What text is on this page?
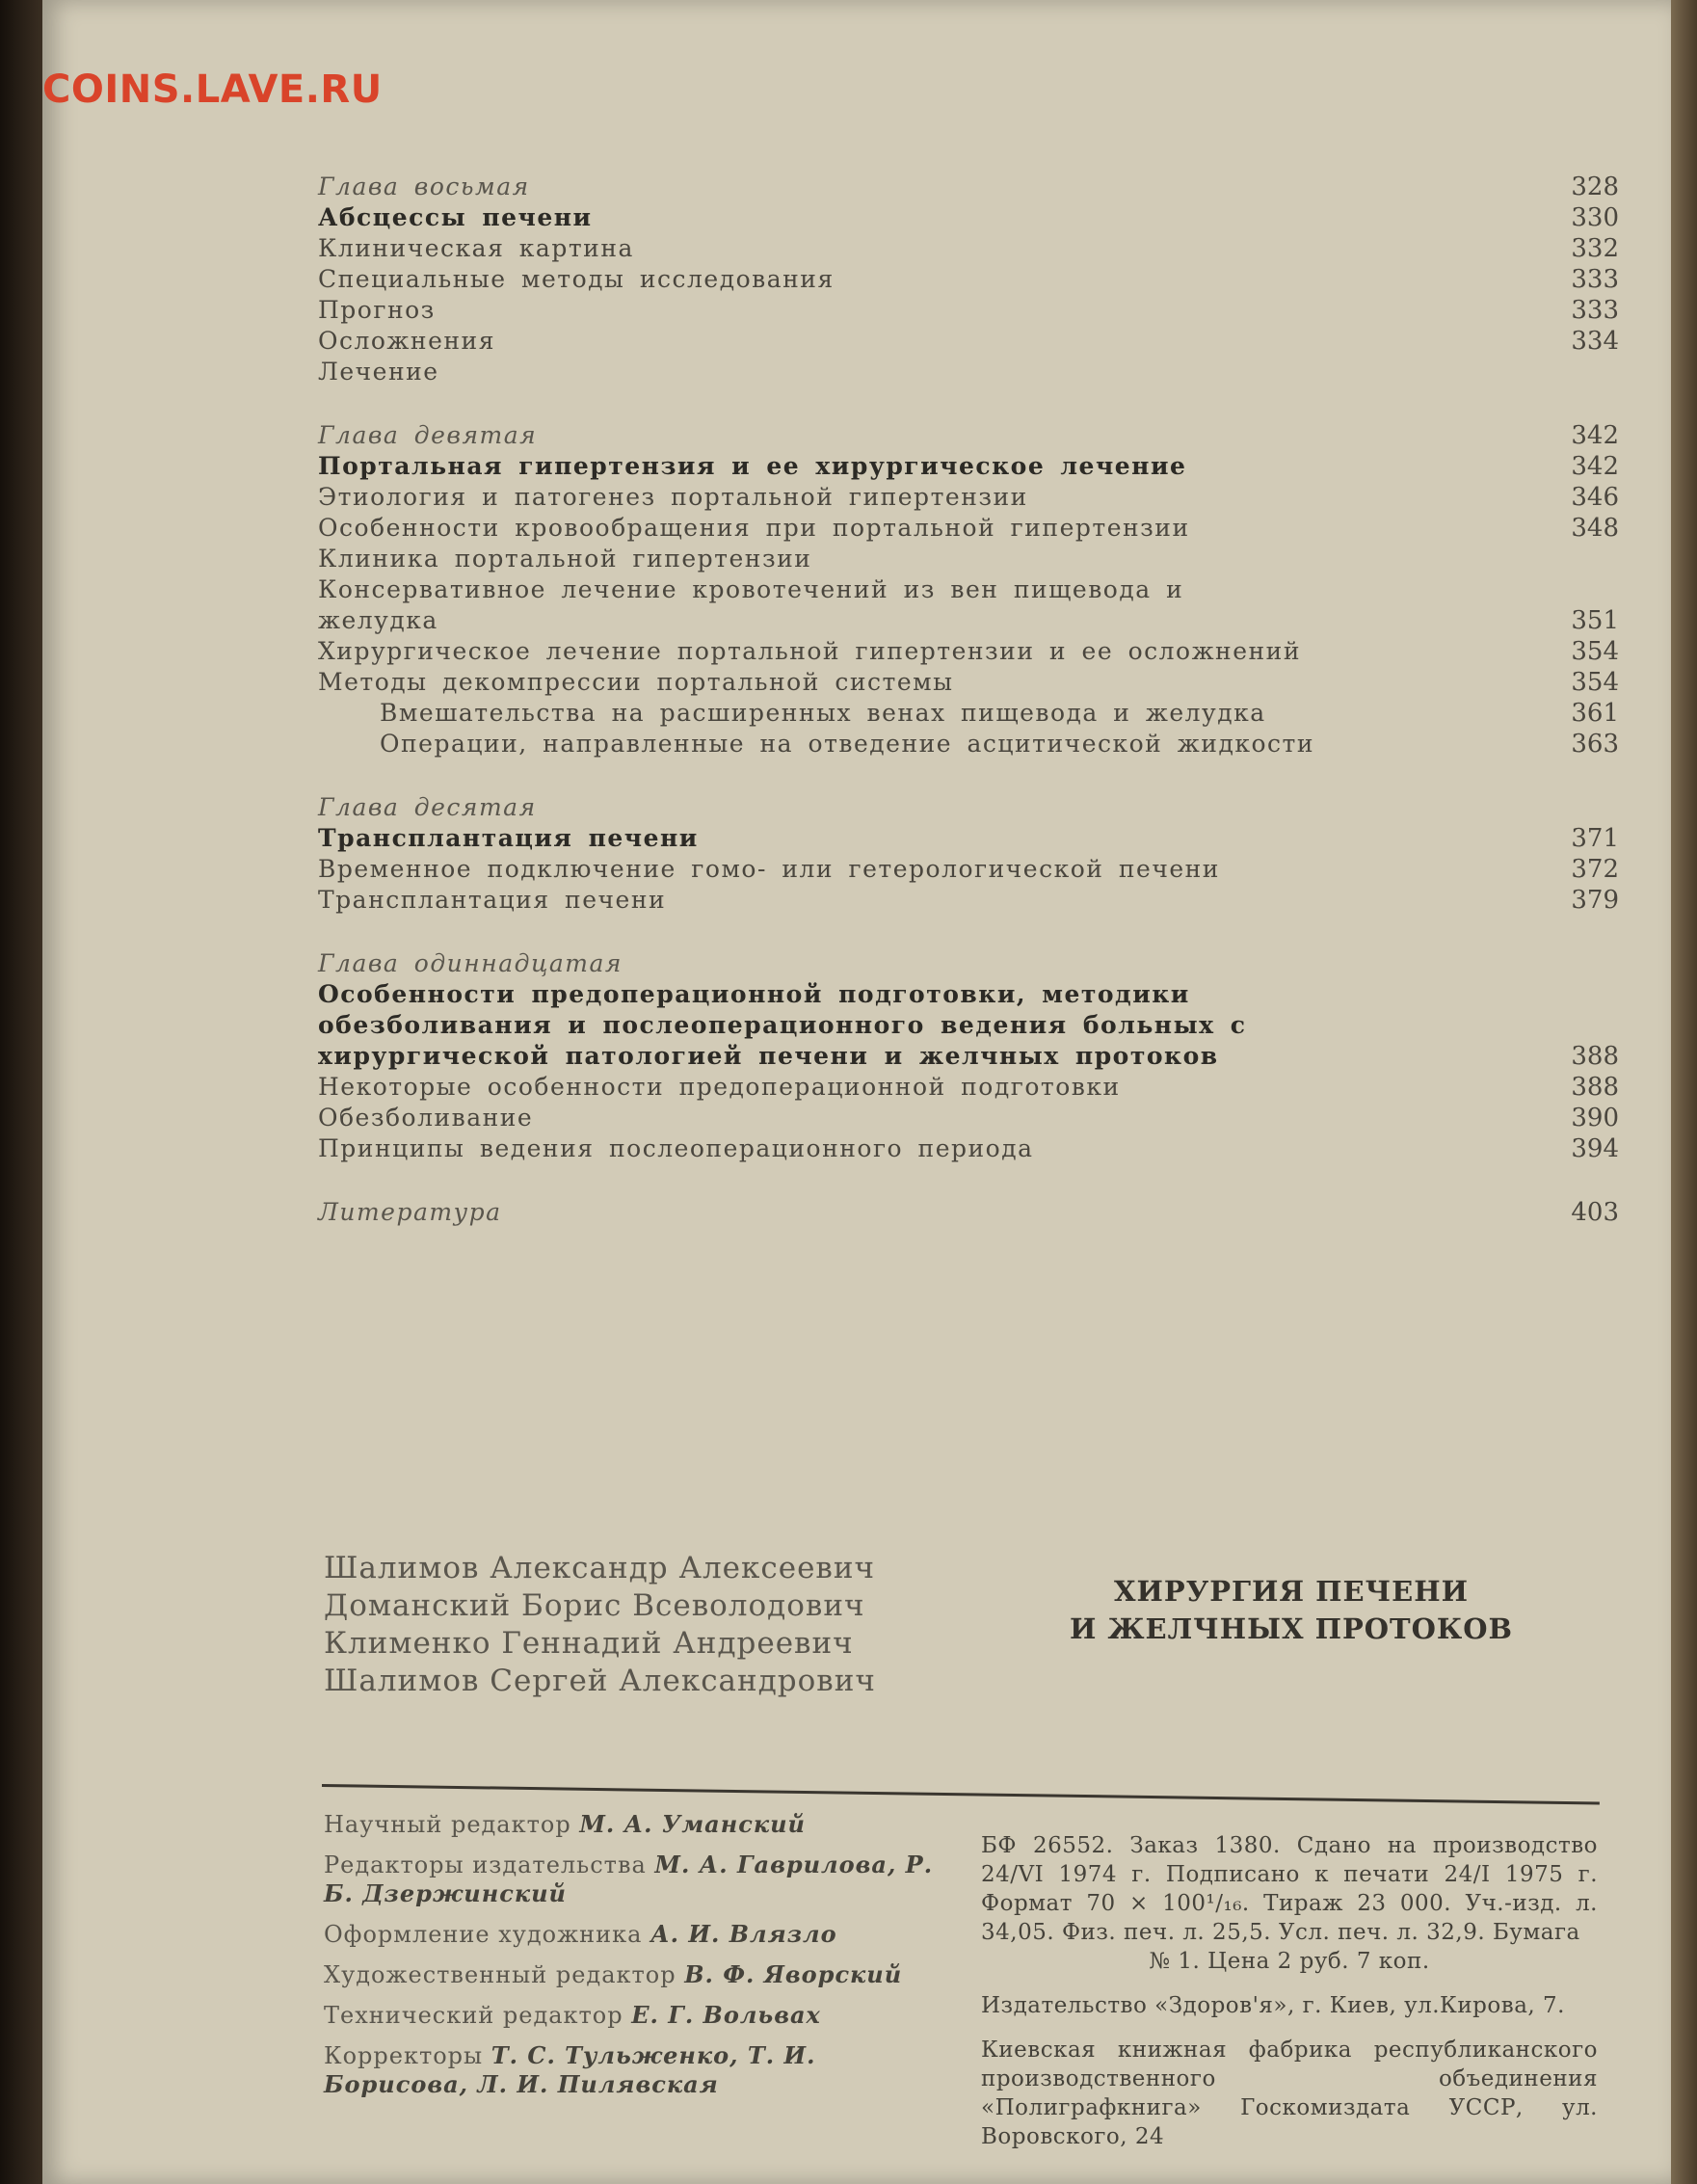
COINS.LAVE.RU
Глава восьмая	328
Абсцессы печени	330
Клиническая картина	332
Специальные методы исследования	333
Прогноз	333
Осложнения	334
Лечение
Глава девятая	342
Портальная гипертензия и ее хирургическое лечение	342
Этиология и патогенез портальной гипертензии	346
Особенности кровообращения при портальной гипертензии	348
Клиника портальной гипертензии
Консервативное лечение кровотечений из вен пищевода и желудка	351
Хирургическое лечение портальной гипертензии и ее осложнений	354
Методы декомпрессии портальной системы	354
Вмешательства на расширенных венах пищевода и желудка	361
Операции, направленные на отведение асцитической жидкости	363
Глава десятая
Трансплантация печени	371
Временное подключение гомо- или гетерологической печени	372
Трансплантация печени	379
Глава одиннадцатая
Особенности предоперационной подготовки, методики обезболивания и послеоперационного ведения больных с хирургической патологией печени и желчных протоков	388
Некоторые особенности предоперационной подготовки	388
Обезболивание	390
Принципы ведения послеоперационного периода	394
Литература	403
Шалимов Александр Алексеевич
Доманский Борис Всеволодович
Клименко Геннадий Андреевич
Шалимов Сергей Александрович
ХИРУРГИЯ ПЕЧЕНИ
И ЖЕЛЧНЫХ ПРОТОКОВ
Научный редактор М. А. Уманский
Редакторы издательства М. А. Гаврилова, Р. Б. Дзержинский
Оформление художника А. И. Влязло
Художественный редактор В. Ф. Яворский
Технический редактор Е. Г. Вольвах
Корректоры Т. С. Тульженко, Т. И. Борисова, Л. И. Пилявская
БФ 26552. Заказ 1380. Сдано на производство 24/VI 1974 г. Подписано к печати 24/I 1975 г. Формат 70 × 100¹/₁₆. Тираж 23 000. Уч.-изд. л. 34,05. Физ. печ. л. 25,5. Усл. печ. л. 32,9. Бумага
№ 1. Цена 2 руб. 7 коп.
Издательство «Здоров'я», г. Киев, ул.Кирова, 7.
Киевская книжная фабрика республиканского производственного объединения «Полиграфкнига» Госкомиздата УССР, ул. Воровского, 24
